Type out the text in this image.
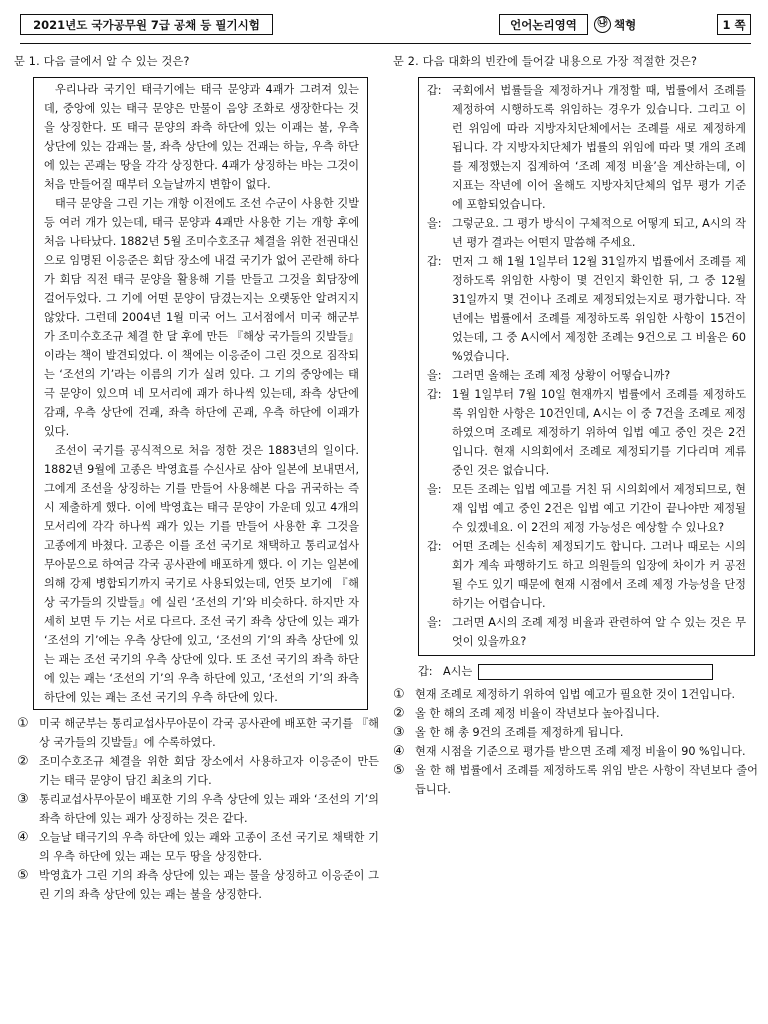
2021년도 국가공무원 7급 공채 등 필기시험	언어논리영역	㉯ 책형	1 쪽
문 1. 다음 글에서 알 수 있는 것은?

우리나라 국기인 태극기에는 태극 문양과 4괘가 그려져 있는데, 중앙에 있는 태극 문양은 만물이 음양 조화로 생장한다는 것을 상징한다. 또 태극 문양의 좌측 하단에 있는 이괘는 불, 우측 상단에 있는 감괘는 물, 좌측 상단에 있는 건괘는 하늘, 우측 하단에 있는 곤괘는 땅을 각각 상징한다. 4괘가 상징하는 바는 그것이 처음 만들어질 때부터 오늘날까지 변함이 없다.

태극 문양을 그린 기는 개항 이전에도 조선 수군이 사용한 깃발 등 여러 개가 있는데, 태극 문양과 4괘만 사용한 기는 개항 후에 처음 나타났다. 1882년 5월 조미수호조규 체결을 위한 전권대신으로 임명된 이응준은 회담 장소에 내걸 국기가 없어 곤란해 하다가 회담 직전 태극 문양을 활용해 기를 만들고 그것을 회담장에 걸어두었다. 그 기에 어떤 문양이 담겼는지는 오랫동안 알려지지 않았다. 그런데 2004년 1월 미국 어느 고서점에서 미국 해군부가 조미수호조규 체결 한 달 후에 만든 『해상 국가들의 깃발들』이라는 책이 발견되었다. 이 책에는 이응준이 그린 것으로 짐작되는 ‘조선의 기’라는 이름의 기가 실려 있다. 그 기의 중앙에는 태극 문양이 있으며 네 모서리에 괘가 하나씩 있는데, 좌측 상단에 감괘, 우측 상단에 건괘, 좌측 하단에 곤괘, 우측 하단에 이괘가 있다.

조선이 국기를 공식적으로 처음 정한 것은 1883년의 일이다. 1882년 9월에 고종은 박영효를 수신사로 삼아 일본에 보내면서, 그에게 조선을 상징하는 기를 만들어 사용해본 다음 귀국하는 즉시 제출하게 했다. 이에 박영효는 태극 문양이 가운데 있고 4개의 모서리에 각각 하나씩 괘가 있는 기를 만들어 사용한 후 그것을 고종에게 바쳤다. 고종은 이를 조선 국기로 채택하고 통리교섭사무아문으로 하여금 각국 공사관에 배포하게 했다. 이 기는 일본에 의해 강제 병합되기까지 국기로 사용되었는데, 언뜻 보기에 『해상 국가들의 깃발들』에 실린 ‘조선의 기’와 비슷하다. 하지만 자세히 보면 두 기는 서로 다르다. 조선 국기 좌측 상단에 있는 괘가 ‘조선의 기’에는 우측 상단에 있고, ‘조선의 기’의 좌측 상단에 있는 괘는 조선 국기의 우측 상단에 있다. 또 조선 국기의 좌측 하단에 있는 괘는 ‘조선의 기’의 우측 하단에 있고, ‘조선의 기’의 좌측 하단에 있는 괘는 조선 국기의 우측 하단에 있다.

① 미국 해군부는 통리교섭사무아문이 각국 공사관에 배포한 국기를 『해상 국가들의 깃발들』에 수록하였다.
② 조미수호조규 체결을 위한 회담 장소에서 사용하고자 이응준이 만든 기는 태극 문양이 담긴 최초의 기다.
③ 통리교섭사무아문이 배포한 기의 우측 상단에 있는 괘와 ‘조선의 기’의 좌측 하단에 있는 괘가 상징하는 것은 같다.
④ 오늘날 태극기의 우측 하단에 있는 괘와 고종이 조선 국기로 채택한 기의 우측 하단에 있는 괘는 모두 땅을 상징한다.
⑤ 박영효가 그린 기의 좌측 상단에 있는 괘는 물을 상징하고 이응준이 그린 기의 좌측 상단에 있는 괘는 불을 상징한다.
문 2. 다음 대화의 빈칸에 들어갈 내용으로 가장 적절한 것은?
갑: 국회에서 법률들을 제정하거나 개정할 때, 법률에서 조례를 제정하여 시행하도록 위임하는 경우가 있습니다. 그리고 이런 위임에 따라 지방자치단체에서는 조례를 새로 제정하게 됩니다. 각 지방자치단체가 법률의 위임에 따라 몇 개의 조례를 제정했는지 집계하여 ‘조례 제정 비율’을 계산하는데, 이 지표는 작년에 이어 올해도 지방자치단체의 업무 평가 기준에 포함되었습니다.
을: 그렇군요. 그 평가 방식이 구체적으로 어떻게 되고, A시의 작년 평가 결과는 어떤지 말씀해 주세요.
갑: 먼저 그 해 1월 1일부터 12월 31일까지 법률에서 조례를 제정하도록 위임한 사항이 몇 건인지 확인한 뒤, 그 중 12월 31일까지 몇 건이나 조례로 제정되었는지로 평가합니다. 작년에는 법률에서 조례를 제정하도록 위임한 사항이 15건이었는데, 그 중 A시에서 제정한 조례는 9건으로 그 비율은 60 %였습니다.
을: 그러면 올해는 조례 제정 상황이 어떻습니까?
갑: 1월 1일부터 7월 10일 현재까지 법률에서 조례를 제정하도록 위임한 사항은 10건인데, A시는 이 중 7건을 조례로 제정하였으며 조례로 제정하기 위하여 입법 예고 중인 것은 2건입니다. 현재 시의회에서 조례로 제정되기를 기다리며 계류 중인 것은 없습니다.
을: 모든 조례는 입법 예고를 거친 뒤 시의회에서 제정되므로, 현재 입법 예고 중인 2건은 입법 예고 기간이 끝나야만 제정될 수 있겠네요. 이 2건의 제정 가능성은 예상할 수 있나요?
갑: 어떤 조례는 신속히 제정되기도 합니다. 그러나 때로는 시의회가 계속 파행하기도 하고 의원들의 입장에 차이가 커 공전될 수도 있기 때문에 현재 시점에서 조례 제정 가능성을 단정하기는 어렵습니다.
을: 그러면 A시의 조례 제정 비율과 관련하여 알 수 있는 것은 무엇이 있을까요?
갑: A시는
① 현재 조례로 제정하기 위하여 입법 예고가 필요한 것이 1건입니다.
② 올 한 해의 조례 제정 비율이 작년보다 높아집니다.
③ 올 한 해 총 9건의 조례를 제정하게 됩니다.
④ 현재 시점을 기준으로 평가를 받으면 조례 제정 비율이 90 %입니다.
⑤ 올 한 해 법률에서 조례를 제정하도록 위임 받은 사항이 작년보다 줄어듭니다.
